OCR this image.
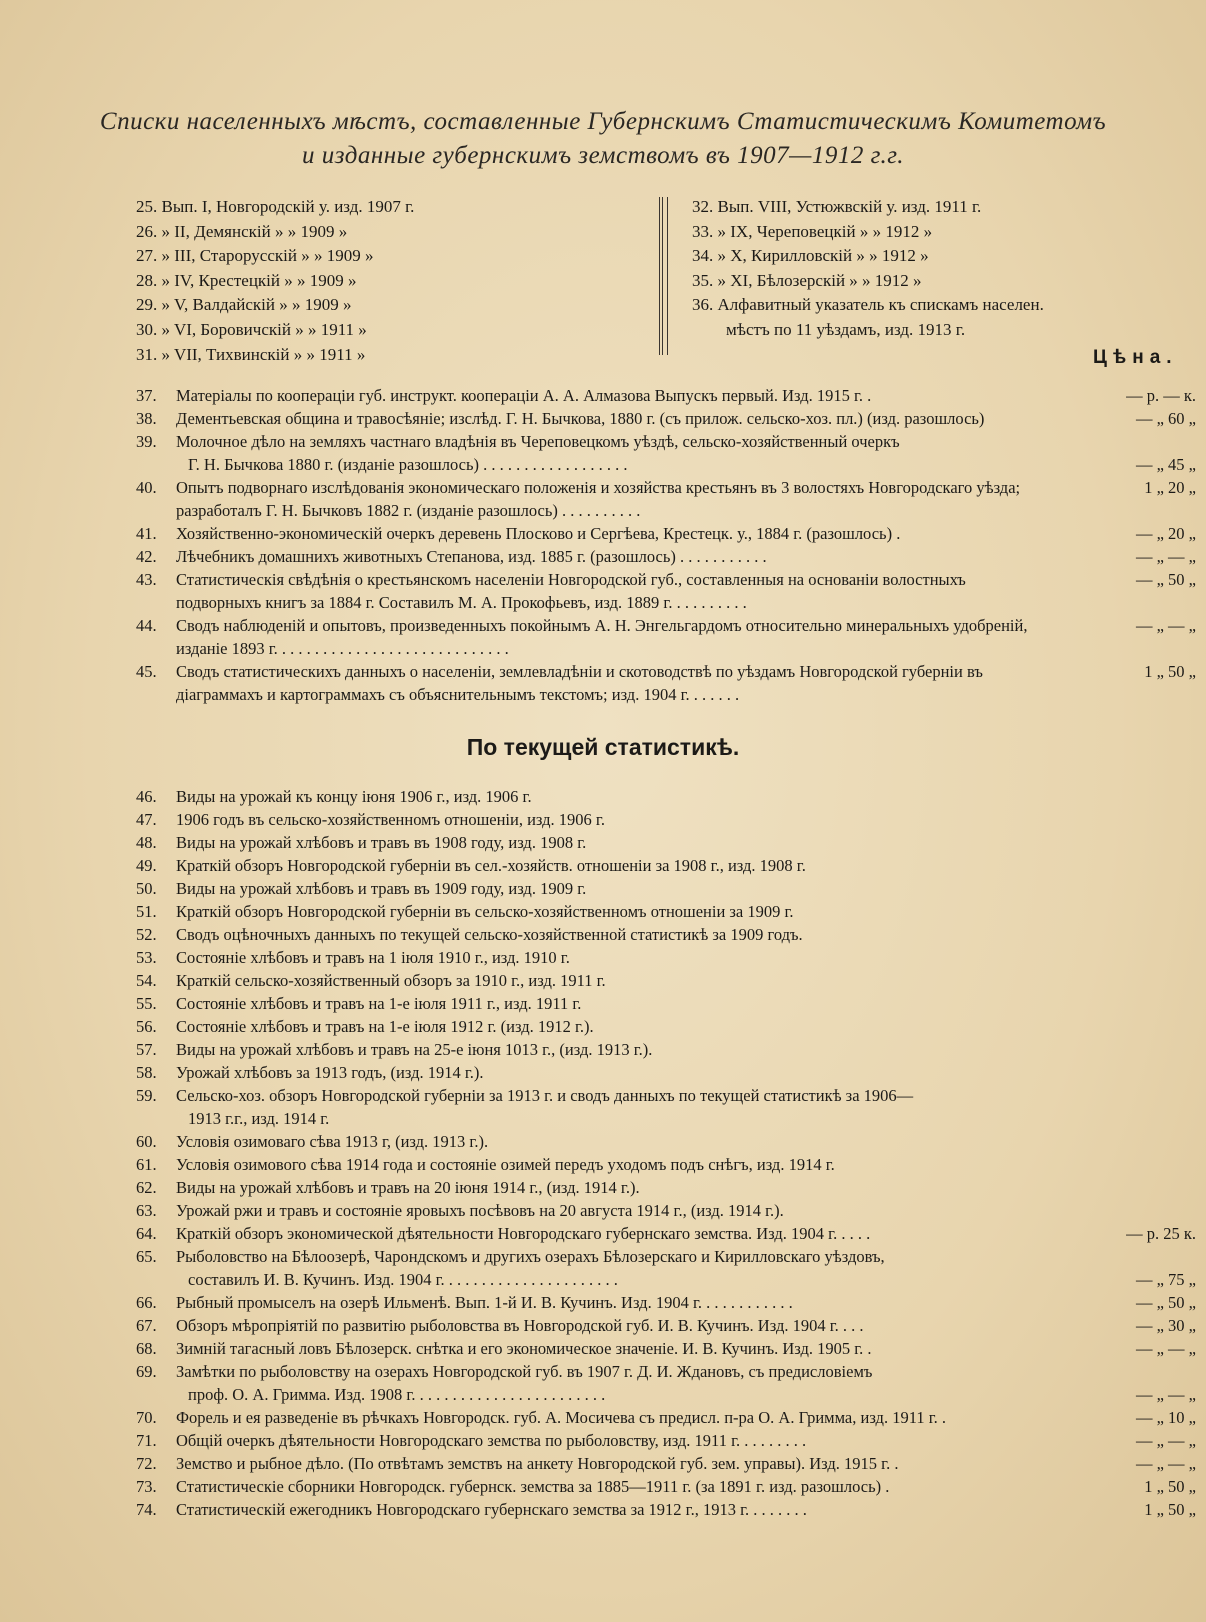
Списки населенныхъ мѣстъ, составленные Губернскимъ Статистическимъ Комитетомъ
и изданные губернскимъ земствомъ въ 1907—1912 г.г.
25. Вып. I, Новгородскій у. изд. 1907 г.
26. » II, Демянскій » » 1909 »
27. » III, Старорусскій » » 1909 »
28. » IV, Крестецкій » » 1909 »
29. » V, Валдайскій » » 1909 »
30. » VI, Боровичскій » » 1911 »
31. » VII, Тихвинскій » » 1911 »
32. Вып. VIII, Устюжвскій у. изд. 1911 г.
33. » IX, Череповецкій » » 1912 »
34. » X, Кирилловскій » » 1912 »
35. » XI, Бѣлозерскій » » 1912 »
36. Алфавитный указатель къ спискамъ населен.
мѣстъ по 11 уѣздамъ, изд. 1913 г.
Цѣна.
37.	Матеріалы по коопераціи губ. инструкт. коопераціи А. А. Алмазова Выпускъ первый. Изд. 1915 г. .	— р. — к.
38.	Дементьевская община и травосѣяніе; изслѣд. Г. Н. Бычкова, 1880 г. (съ прилож. сельско-хоз. пл.) (изд. разошлось)	— „ 60 „
39.	Молочное дѣло на земляхъ частнаго владѣнія въ Череповецкомъ уѣздѣ, сельско-хозяйственный очеркъ
Г. Н. Бычкова 1880 г. (изданіе разошлось) . . . . . . . . . . . . . . . . . .	— „ 45 „
40.	Опытъ подворнаго изслѣдованія экономическаго положенія и хозяйства крестьянъ въ 3 волостяхъ Новгородскаго уѣзда; разработалъ Г. Н. Бычковъ 1882 г. (изданіе разошлось) . . . . . . . . . .
1 „ 20 „
41.	Хозяйственно-экономическій очеркъ деревень Плосково и Сергѣева, Крестецк. у., 1884 г. (разошлось) .	— „ 20 „
42.	Лѣчебникъ домашнихъ животныхъ Степанова, изд. 1885 г. (разошлось) . . . . . . . . . . .	— „ — „
43.	Статистическія свѣдѣнія о крестьянскомъ населеніи Новгородской губ., составленныя на основаніи волостныхъ подворныхъ книгъ за 1884 г. Составилъ М. А. Прокофьевъ, изд. 1889 г. . . . . . . . . .
— „ 50 „
44.	Сводъ наблюденій и опытовъ, произведенныхъ покойнымъ А. Н. Энгельгардомъ относительно минеральныхъ удобреній, изданіе 1893 г. . . . . . . . . . . . . . . . . . . . . . . . . . . . .
— „ — „
45.	Сводъ статистическихъ данныхъ о населеніи, землевладѣніи и скотоводствѣ по уѣздамъ Новгородской губерніи въ діаграммахъ и картограммахъ съ объяснительнымъ текстомъ; изд. 1904 г. . . . . . .
1 „ 50 „
По текущей статистикѣ.
46.	Виды на урожай къ концу іюня 1906 г., изд. 1906 г.
47.	1906 годъ въ сельско-хозяйственномъ отношеніи, изд. 1906 г.
48.	Виды на урожай хлѣбовъ и травъ въ 1908 году, изд. 1908 г.
49.	Краткій обзоръ Новгородской губерніи въ сел.-хозяйств. отношеніи за 1908 г., изд. 1908 г.
50.	Виды на урожай хлѣбовъ и травъ въ 1909 году, изд. 1909 г.
51.	Краткій обзоръ Новгородской губерніи въ сельско-хозяйственномъ отношеніи за 1909 г.
52.	Сводъ оцѣночныхъ данныхъ по текущей сельско-хозяйственной статистикѣ за 1909 годъ.
53.	Состояніе хлѣбовъ и травъ на 1 іюля 1910 г., изд. 1910 г.
54.	Краткій сельско-хозяйственный обзоръ за 1910 г., изд. 1911 г.
55.	Состояніе хлѣбовъ и травъ на 1-е іюля 1911 г., изд. 1911 г.
56.	Состояніе хлѣбовъ и травъ на 1-е іюля 1912 г. (изд. 1912 г.).
57.	Виды на урожай хлѣбовъ и травъ на 25-е іюня 1013 г., (изд. 1913 г.).
58.	Урожай хлѣбовъ за 1913 годъ, (изд. 1914 г.).
59.	Сельско-хоз. обзоръ Новгородской губерніи за 1913 г. и сводъ данныхъ по текущей статистикѣ за 1906—
1913 г.г., изд. 1914 г.
60.	Условія озимоваго сѣва 1913 г, (изд. 1913 г.).
61.	Условія озимового сѣва 1914 года и состояніе озимей передъ уходомъ подъ снѣгъ, изд. 1914 г.
62.	Виды на урожай хлѣбовъ и травъ на 20 іюня 1914 г., (изд. 1914 г.).
63.	Урожай ржи и травъ и состояніе яровыхъ посѣвовъ на 20 августа 1914 г., (изд. 1914 г.).
64.	Краткій обзоръ экономической дѣятельности Новгородскаго губернскаго земства. Изд. 1904 г. . . . .	— р. 25 к.
65.	Рыболовство на Бѣлоозерѣ, Чарондскомъ и другихъ озерахъ Бѣлозерскаго и Кирилловскаго уѣздовъ,
составилъ И. В. Кучинъ. Изд. 1904 г. . . . . . . . . . . . . . . . . . . . . .	— „ 75 „
66.	Рыбный промыселъ на озерѣ Ильменѣ. Вып. 1-й И. В. Кучинъ. Изд. 1904 г. . . . . . . . . . . .	— „ 50 „
67.	Обзоръ мѣропріятій по развитію рыболовства въ Новгородской губ. И. В. Кучинъ. Изд. 1904 г. . . .	— „ 30 „
68.	Зимній тагасный ловъ Бѣлозерск. снѣтка и его экономическое значеніе. И. В. Кучинъ. Изд. 1905 г. .	— „ — „
69.	Замѣтки по рыболовству на озерахъ Новгородской губ. въ 1907 г. Д. И. Ждановъ, съ предисловіемъ
проф. О. А. Гримма. Изд. 1908 г. . . . . . . . . . . . . . . . . . . . . . . .	— „ — „
70.	Форель и ея разведеніе въ рѣчкахъ Новгородск. губ. А. Мосичева съ предисл. п-ра О. А. Гримма, изд. 1911 г. .	— „ 10 „
71.	Общій очеркъ дѣятельности Новгородскаго земства по рыболовству, изд. 1911 г. . . . . . . . .	— „ — „
72.	Земство и рыбное дѣло. (По отвѣтамъ земствъ на анкету Новгородской губ. зем. управы). Изд. 1915 г. .	— „ — „
73.	Статистическіе сборники Новгородск. губернск. земства за 1885—1911 г. (за 1891 г. изд. разошлось) .	1 „ 50 „
74.	Статистическій ежегодникъ Новгородскаго губернскаго земства за 1912 г., 1913 г. . . . . . . .	1 „ 50 „
